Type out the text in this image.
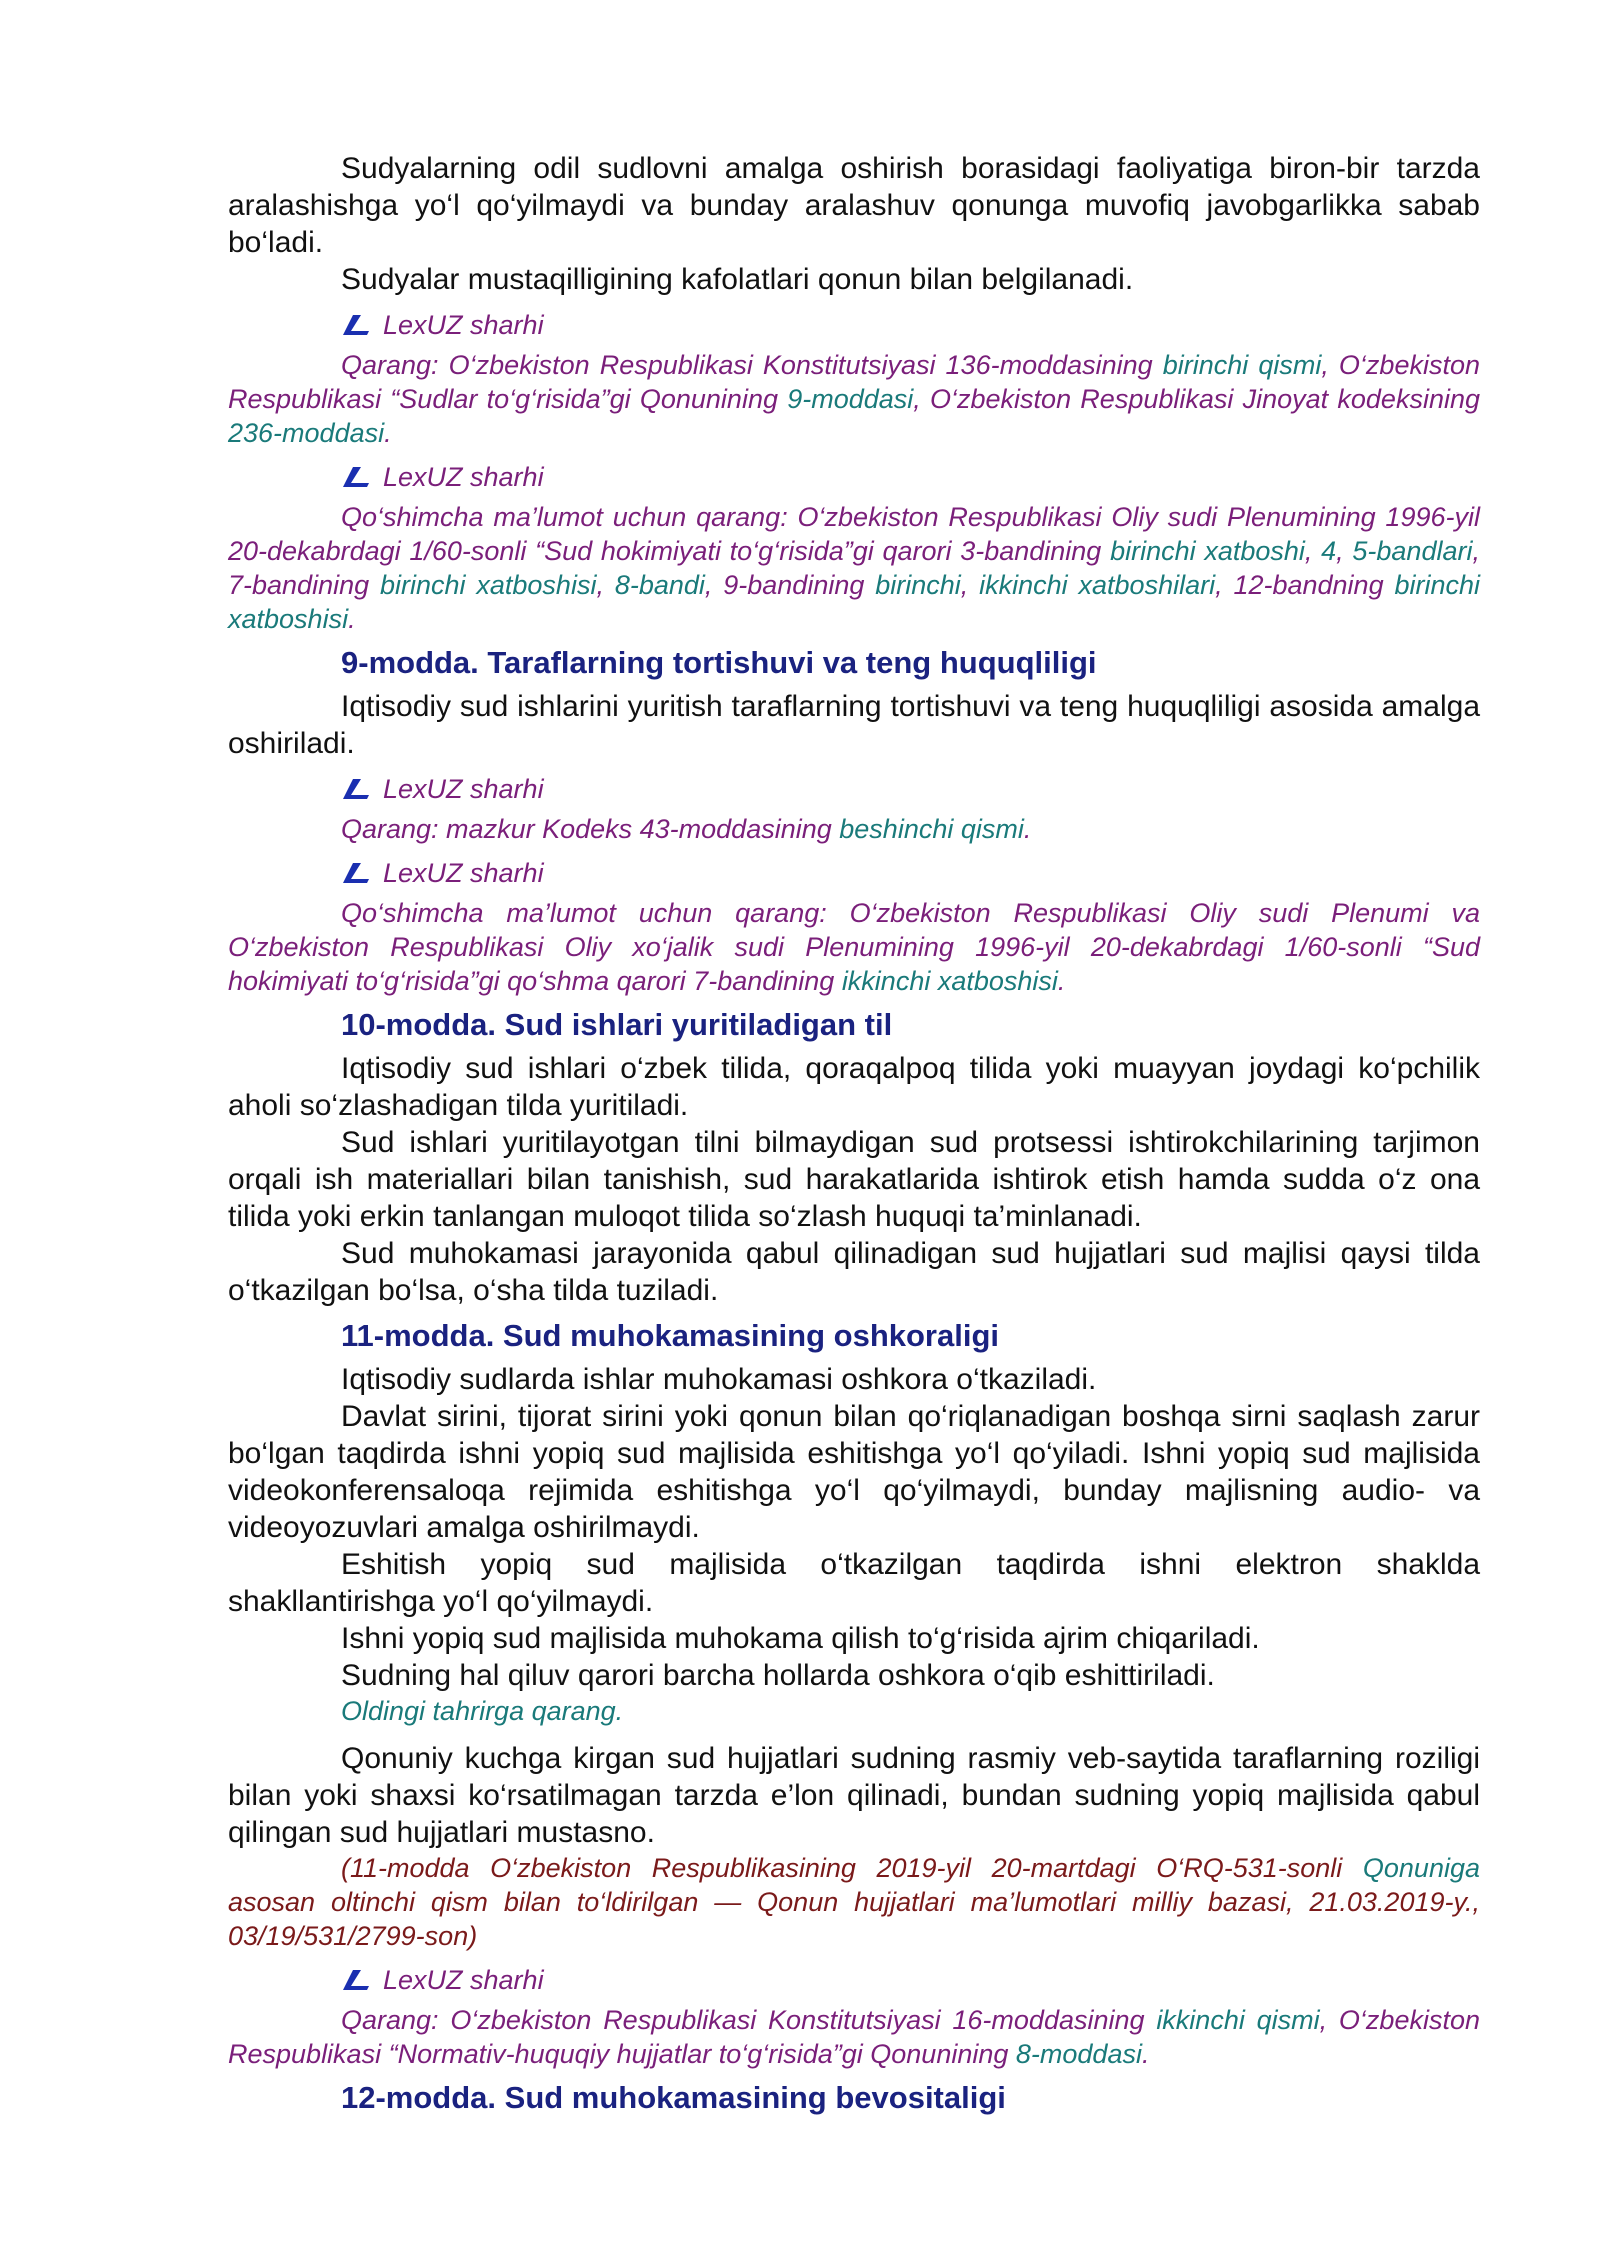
Sudyalarning odil sudlovni amalga oshirish borasidagi faoliyatiga biron-bir tarzda aralashishga yo‘l qo‘yilmaydi va bunday aralashuv qonunga muvofiq javobgarlikka sabab bo‘ladi.

Sudyalar mustaqilligining kafolatlari qonun bilan belgilanadi.

LexUZ sharhi

Qarang: O‘zbekiston Respublikasi Konstitutsiyasi 136-moddasining birinchi qismi, O‘zbekiston Respublikasi “Sudlar to‘g‘risida”gi Qonunining 9-moddasi, O‘zbekiston Respublikasi Jinoyat kodeksining 236-moddasi.

LexUZ sharhi

Qo‘shimcha ma’lumot uchun qarang: O‘zbekiston Respublikasi Oliy sudi Plenumining 1996-yil 20-dekabrdagi 1/60-sonli “Sud hokimiyati to‘g‘risida”gi qarori 3-bandining birinchi xatboshi, 4, 5-bandlari, 7-bandining birinchi xatboshisi, 8-bandi, 9-bandining birinchi, ikkinchi xatboshilari, 12-bandning birinchi xatboshisi.

9-modda. Taraflarning tortishuvi va teng huquqliligi

Iqtisodiy sud ishlarini yuritish taraflarning tortishuvi va teng huquqliligi asosida amalga oshiriladi.

LexUZ sharhi

Qarang: mazkur Kodeks 43-moddasining beshinchi qismi.

LexUZ sharhi

Qo‘shimcha ma’lumot uchun qarang: O‘zbekiston Respublikasi Oliy sudi Plenumi va O‘zbekiston Respublikasi Oliy xo‘jalik sudi Plenumining 1996-yil 20-dekabrdagi 1/60-sonli “Sud hokimiyati to‘g‘risida”gi qo‘shma qarori 7-bandining ikkinchi xatboshisi.

10-modda. Sud ishlari yuritiladigan til

Iqtisodiy sud ishlari o‘zbek tilida, qoraqalpoq tilida yoki muayyan joydagi ko‘pchilik aholi so‘zlashadigan tilda yuritiladi.

Sud ishlari yuritilayotgan tilni bilmaydigan sud protsessi ishtirokchilarining tarjimon orqali ish materiallari bilan tanishish, sud harakatlarida ishtirok etish hamda sudda o‘z ona tilida yoki erkin tanlangan muloqot tilida so‘zlash huquqi ta’minlanadi.

Sud muhokamasi jarayonida qabul qilinadigan sud hujjatlari sud majlisi qaysi tilda o‘tkazilgan bo‘lsa, o‘sha tilda tuziladi.

11-modda. Sud muhokamasining oshkoraligi

Iqtisodiy sudlarda ishlar muhokamasi oshkora o‘tkaziladi.

Davlat sirini, tijorat sirini yoki qonun bilan qo‘riqlanadigan boshqa sirni saqlash zarur bo‘lgan taqdirda ishni yopiq sud majlisida eshitishga yo‘l qo‘yiladi. Ishni yopiq sud majlisida videokonferensaloqa rejimida eshitishga yo‘l qo‘yilmaydi, bunday majlisning audio- va videoyozuvlari amalga oshirilmaydi.

Eshitish yopiq sud majlisida o‘tkazilgan taqdirda ishni elektron shaklda shakllantirishga yo‘l qo‘yilmaydi.

Ishni yopiq sud majlisida muhokama qilish to‘g‘risida ajrim chiqariladi.

Sudning hal qiluv qarori barcha hollarda oshkora o‘qib eshittiriladi.

Oldingi tahrirga qarang.

Qonuniy kuchga kirgan sud hujjatlari sudning rasmiy veb-saytida taraflarning roziligi bilan yoki shaxsi ko‘rsatilmagan tarzda e’lon qilinadi, bundan sudning yopiq majlisida qabul qilingan sud hujjatlari mustasno.

(11-modda O‘zbekiston Respublikasining 2019-yil 20-martdagi O‘RQ-531-sonli Qonuniga asosan oltinchi qism bilan to‘ldirilgan — Qonun hujjatlari ma’lumotlari milliy bazasi, 21.03.2019-y., 03/19/531/2799-son)

LexUZ sharhi

Qarang: O‘zbekiston Respublikasi Konstitutsiyasi 16-moddasining ikkinchi qismi, O‘zbekiston Respublikasi “Normativ-huquqiy hujjatlar to‘g‘risida”gi Qonunining 8-moddasi.

12-modda. Sud muhokamasining bevositaligi
